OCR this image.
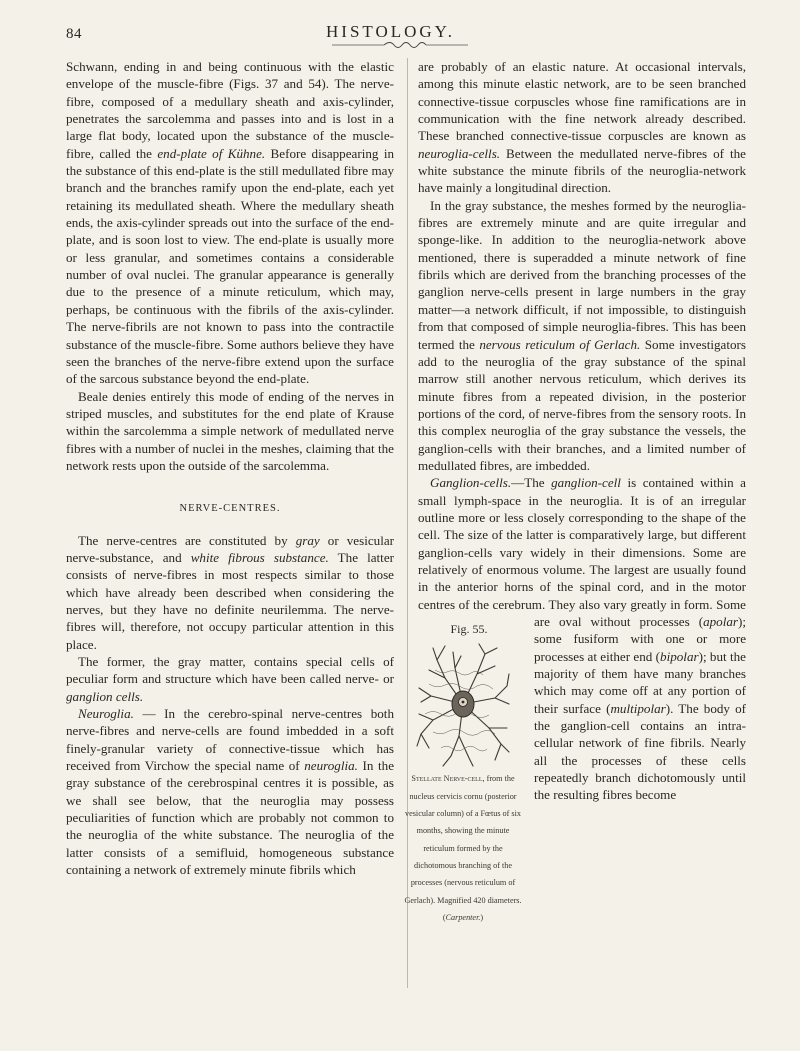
84	HISTOLOGY.

Schwann, ending in and being continuous with the elastic envelope of the muscle-fibre (Figs. 37 and 54). The nerve-fibre, composed of a medullary sheath and axis-cylinder, penetrates the sarcolemma and passes into and is lost in a large flat body, located upon the substance of the muscle-fibre, called the end-plate of Kühne. Before disappearing in the substance of this end-plate is the still medullated fibre may branch and the branches ramify upon the end-plate, each yet retaining its medullated sheath. Where the medullary sheath ends, the axis-cylinder spreads out into the surface of the end-plate, and is soon lost to view. The end-plate is usually more or less granular, and sometimes contains a considerable number of oval nuclei. The granular appearance is generally due to the presence of a minute reticulum, which may, perhaps, be continuous with the fibrils of the axis-cylinder. The nerve-fibrils are not known to pass into the contractile substance of the muscle-fibre. Some authors believe they have seen the branches of the nerve-fibre extend upon the surface of the sarcous substance beyond the end-plate.

Beale denies entirely this mode of ending of the nerves in striped muscles, and substitutes for the end plate of Krause within the sarcolemma a simple network of medullated nerve fibres with a number of nuclei in the meshes, claiming that the network rests upon the outside of the sarcolemma.

NERVE-CENTRES.

The nerve-centres are constituted by gray or vesicular nerve-substance, and white fibrous substance. The latter consists of nerve-fibres in most respects similar to those which have already been described when considering the nerves, but they have no definite neurilemma. The nerve-fibres will, therefore, not occupy particular attention in this place.

The former, the gray matter, contains special cells of peculiar form and structure which have been called nerve- or ganglion cells.

Neuroglia. — In the cerebro-spinal nerve-centres both nerve-fibres and nerve-cells are found imbedded in a soft finely-granular variety of connective-tissue which has received from Virchow the special name of neuroglia. In the gray substance of the cerebrospinal centres it is possible, as we shall see below, that the neuroglia may possess peculiarities of function which are probably not common to the neuroglia of the white substance. The neuroglia of the latter consists of a semifluid, homogeneous substance containing a network of extremely minute fibrils which

are probably of an elastic nature. At occasional intervals, among this minute elastic network, are to be seen branched connective-tissue corpuscles whose fine ramifications are in communication with the fine network already described. These branched connective-tissue corpuscles are known as neuroglia-cells. Between the medullated nerve-fibres of the white substance the minute fibrils of the neuroglia-network have mainly a longitudinal direction.

In the gray substance, the meshes formed by the neuroglia-fibres are extremely minute and are quite irregular and sponge-like. In addition to the neuroglia-network above mentioned, there is superadded a minute network of fine fibrils which are derived from the branching processes of the ganglion nerve-cells present in large numbers in the gray matter—a network difficult, if not impossible, to distinguish from that composed of simple neuroglia-fibres. This has been termed the nervous reticulum of Gerlach. Some investigators add to the neuroglia of the gray substance of the spinal marrow still another nervous reticulum, which derives its minute fibres from a repeated division, in the posterior portions of the cord, of nerve-fibres from the sensory roots. In this complex neuroglia of the gray substance the vessels, the ganglion-cells with their branches, and a limited number of medullated fibres, are imbedded.

Ganglion-cells.—The ganglion-cell is contained within a small lymph-space in the neuroglia. It is of an irregular outline more or less closely corresponding to the shape of the cell. The size of the latter is comparatively large, but different ganglion-cells vary widely in their dimensions. Some are relatively of enormous volume. The largest are usually found in the anterior horns of the spinal cord, and in the motor centres of the cerebrum. They also vary greatly in form. Some are oval without processes (
Fig. 55.
Stellate Nerve-cell, from the nucleus cervicis cornu (posterior vesicular column) of a Fœtus of six months, showing the minute reticulum formed by the dichotomous branching of the processes (nervous reticulum of Gerlach). Magnified 420 diameters. (Carpenter.)
apolar); some fusiform with one or more processes at either end (bipolar); but the majority of them have many branches which may come off at any portion of their surface (multipolar). The body of the ganglion-cell contains an intra-cellular network of fine fibrils. Nearly all the processes of these cells repeatedly branch dichotomously until the resulting fibres become
